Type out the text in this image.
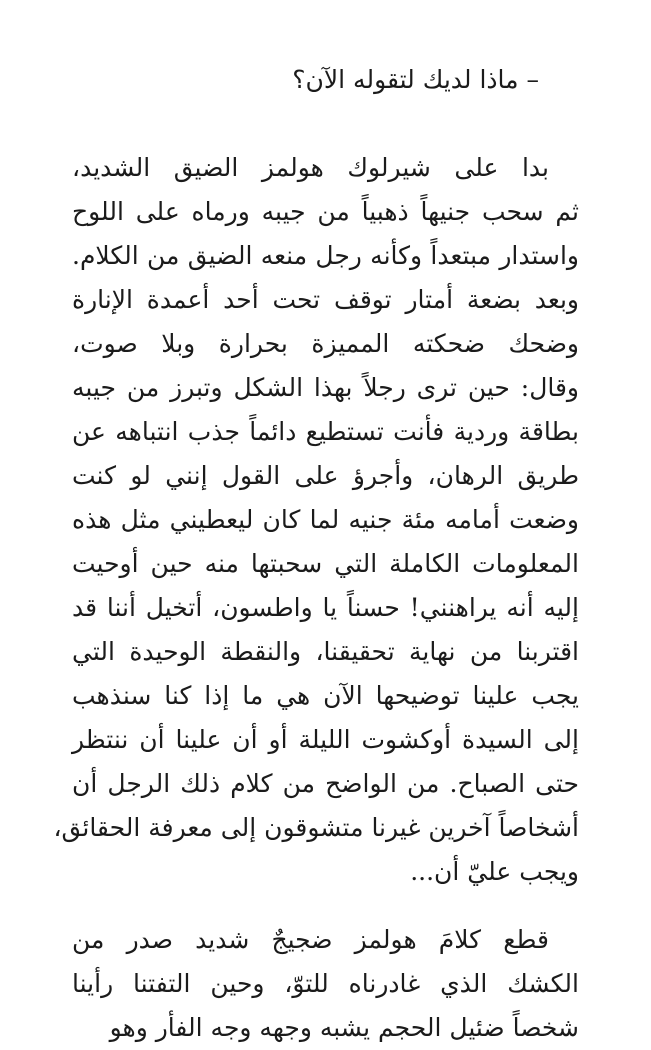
– ماذا لديك لتقوله الآن؟
بدا على شيرلوك هولمز الضيق الشديد،
ثم سحب جنيهاً ذهبياً من جيبه ورماه على اللوح
واستدار مبتعداً وكأنه رجل منعه الضيق من الكلام.
وبعد بضعة أمتار توقف تحت أحد أعمدة الإنارة
وضحك ضحكته المميزة بحرارة وبلا صوت،
وقال: حين ترى رجلاً بهذا الشكل وتبرز من جيبه
بطاقة وردية فأنت تستطيع دائماً جذب انتباهه عن
طريق الرهان، وأجرؤ على القول إنني لو كنت
وضعت أمامه مئة جنيه لما كان ليعطيني مثل هذه
المعلومات الكاملة التي سحبتها منه حين أوحيت
إليه أنه يراهنني! حسناً يا واطسون، أتخيل أننا قد
اقتربنا من نهاية تحقيقنا، والنقطة الوحيدة التي
يجب علينا توضيحها الآن هي ما إذا كنا سنذهب
إلى السيدة أوكشوت الليلة أو أن علينا أن ننتظر
حتى الصباح. من الواضح من كلام ذلك الرجل أن
أشخاصاً آخرين غيرنا متشوقون إلى معرفة الحقائق،
ويجب عليّ أن...
قطع كلامَ هولمز ضجيجٌ شديد صدر من
الكشك الذي غادرناه للتوّ، وحين التفتنا رأينا
شخصاً ضئيل الحجم يشبه وجهه وجه الفأر وهو
